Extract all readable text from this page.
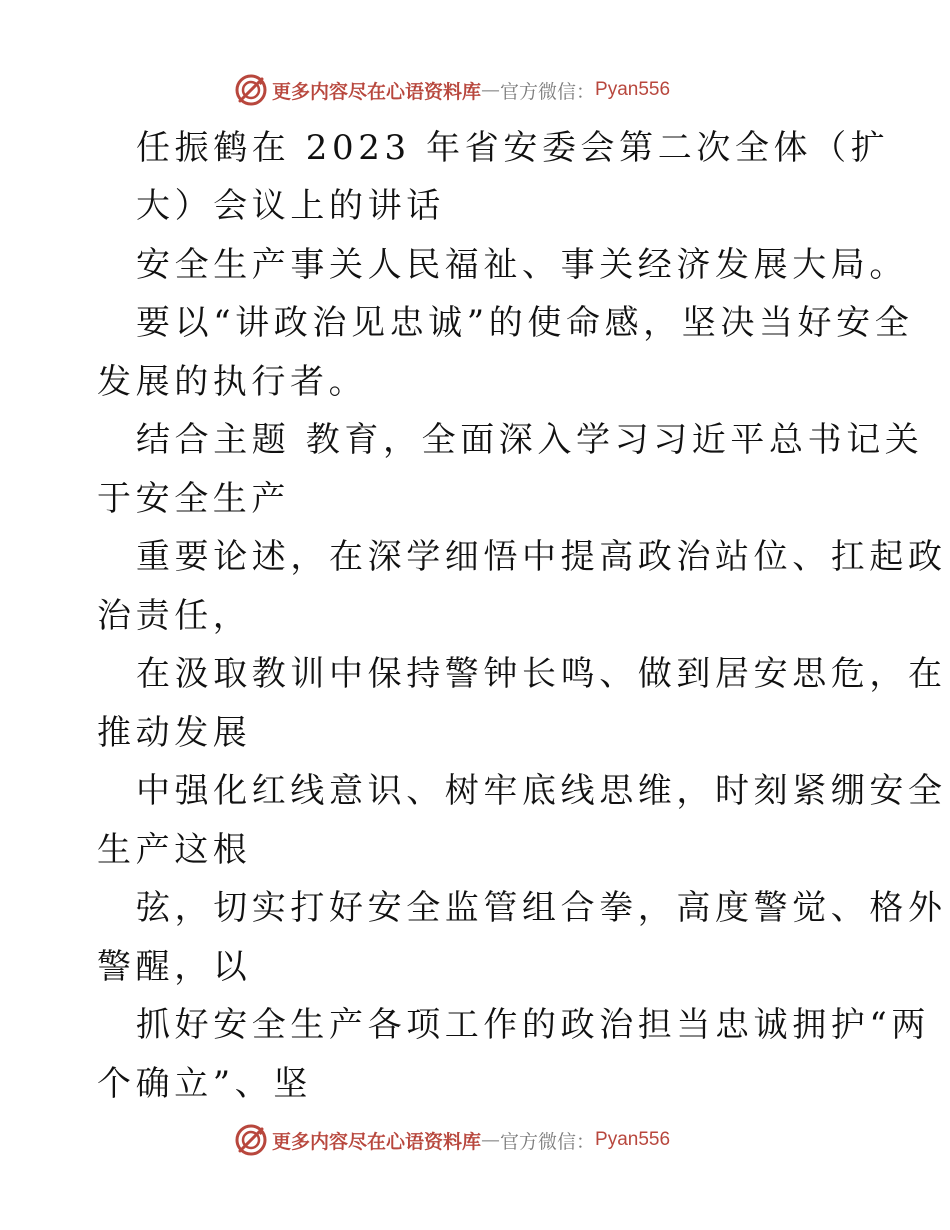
更多内容尽在心语资料库 — 官方微信： Pyan556
任振鹤在 2023 年省安委会第二次全体（扩
大）会议上的讲话
安全生产事关人民福祉、事关经济发展大局。
要以“讲政治见忠诚”的使命感，坚决当好安全
发展的执行者。
结合主题 教育，全面深入学习习近平总书记关
于安全生产
重要论述，在深学细悟中提高政治站位、扛起政
治责任，
在汲取教训中保持警钟长鸣、做到居安思危，在
推动发展
中强化红线意识、树牢底线思维，时刻紧绷安全
生产这根
弦，切实打好安全监管组合拳，高度警觉、格外
警醒，以
抓好安全生产各项工作的政治担当忠诚拥护“两
个确立”、坚
更多内容尽在心语资料库 — 官方微信： Pyan556
